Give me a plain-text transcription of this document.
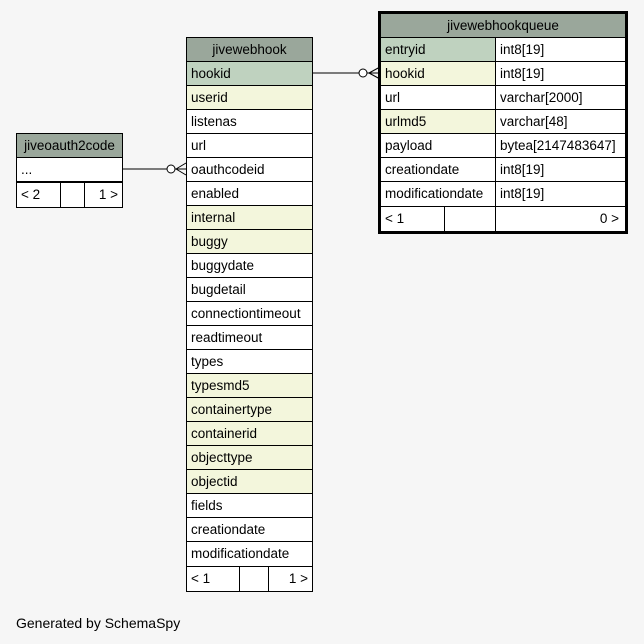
jiveoauth2code
...
< 2	1 >
jivewebhook
hookid
userid
listenas
url
oauthcodeid
enabled
internal
buggy
buggydate
bugdetail
connectiontimeout
readtimeout
types
typesmd5
containertype
containerid
objecttype
objectid
fields
creationdate
modificationdate
< 1	1 >
jivewebhookqueue
entryid	int8[19]
hookid	int8[19]
url	varchar[2000]
urlmd5	varchar[48]
payload	bytea[2147483647]
creationdate	int8[19]
modificationdate	int8[19]
< 1	0 >
Generated by SchemaSpy
